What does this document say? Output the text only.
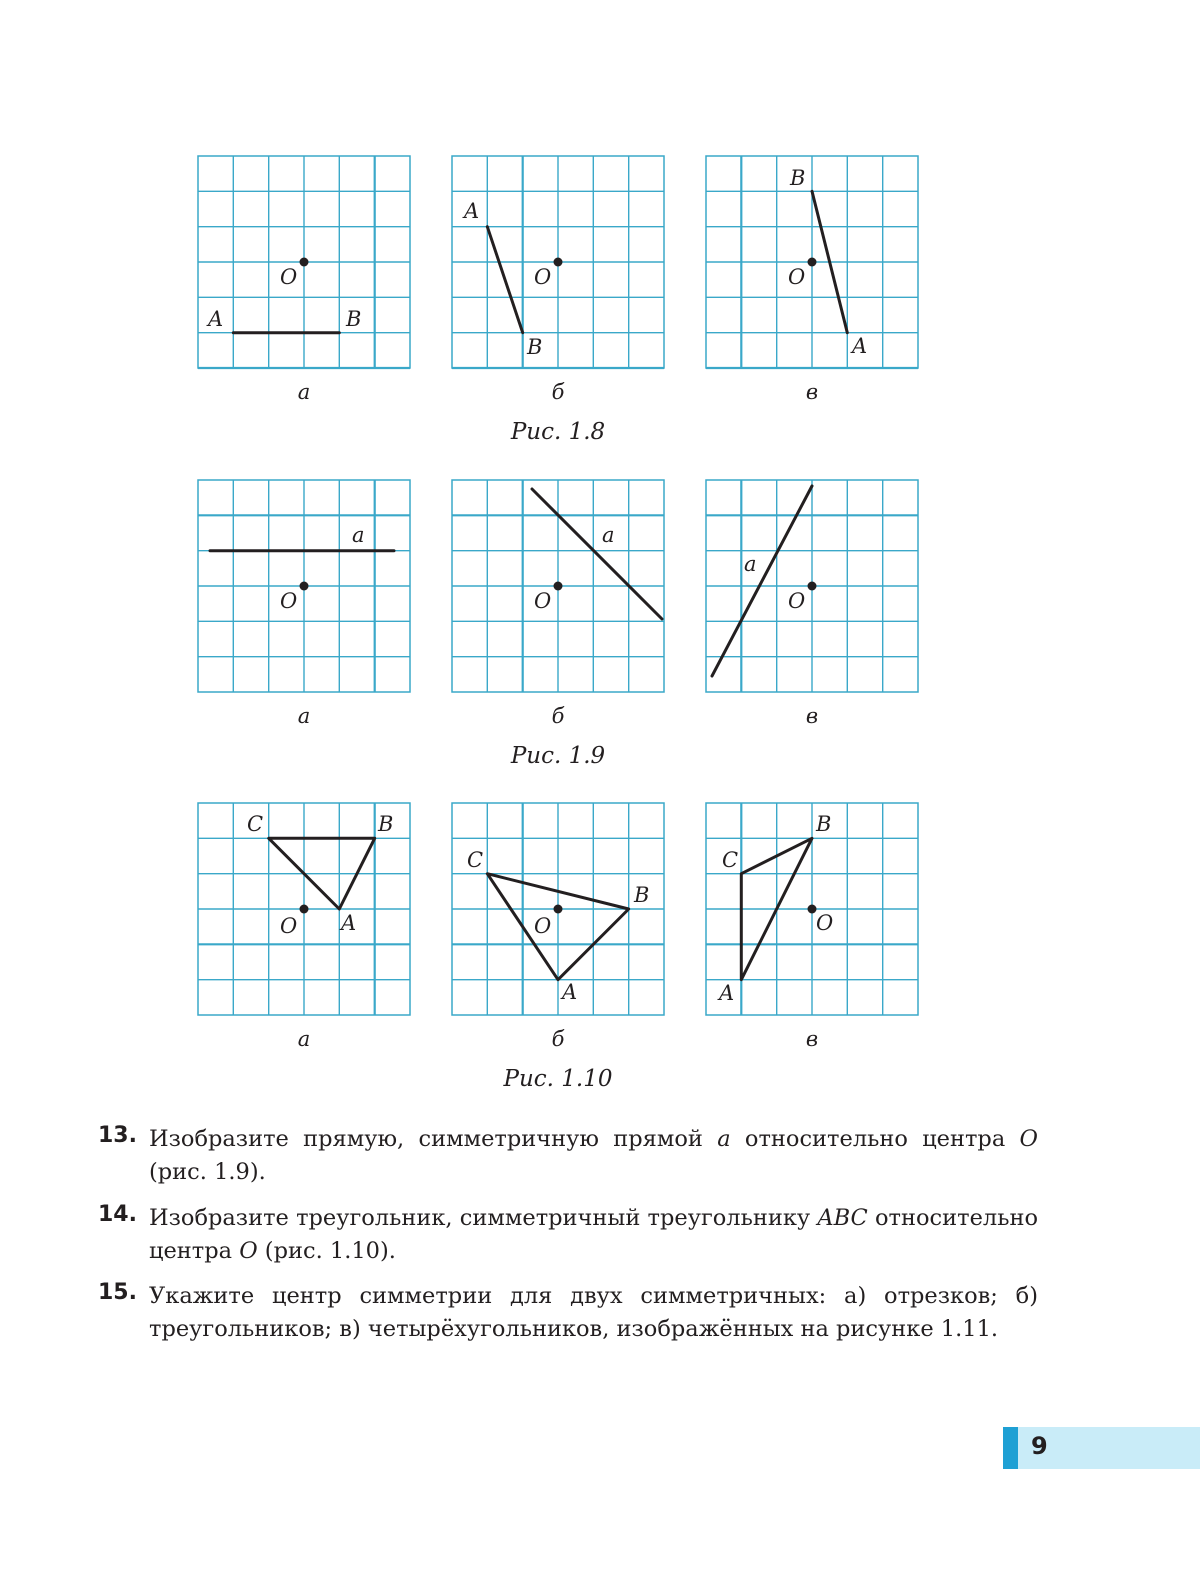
O
A	B
O
A
B
O
B
A
O
a
O
a
O
a
O
C	B
A	O
C
B
A
O
C
B
A
а	б	в
Рис. 1.8
а	б	в
Рис. 1.9
а	б	в
Рис. 1.10
13. Изобразите прямую, симметричную прямой a относительно центра O (рис. 1.9).
14. Изобразите треугольник, симметричный треугольнику ABC относительно центра O (рис. 1.10).
15. Укажите центр симметрии для двух симметричных: а) отрезков; б) треугольников; в) четырёхугольников, изображённых на рисунке 1.11.
9
